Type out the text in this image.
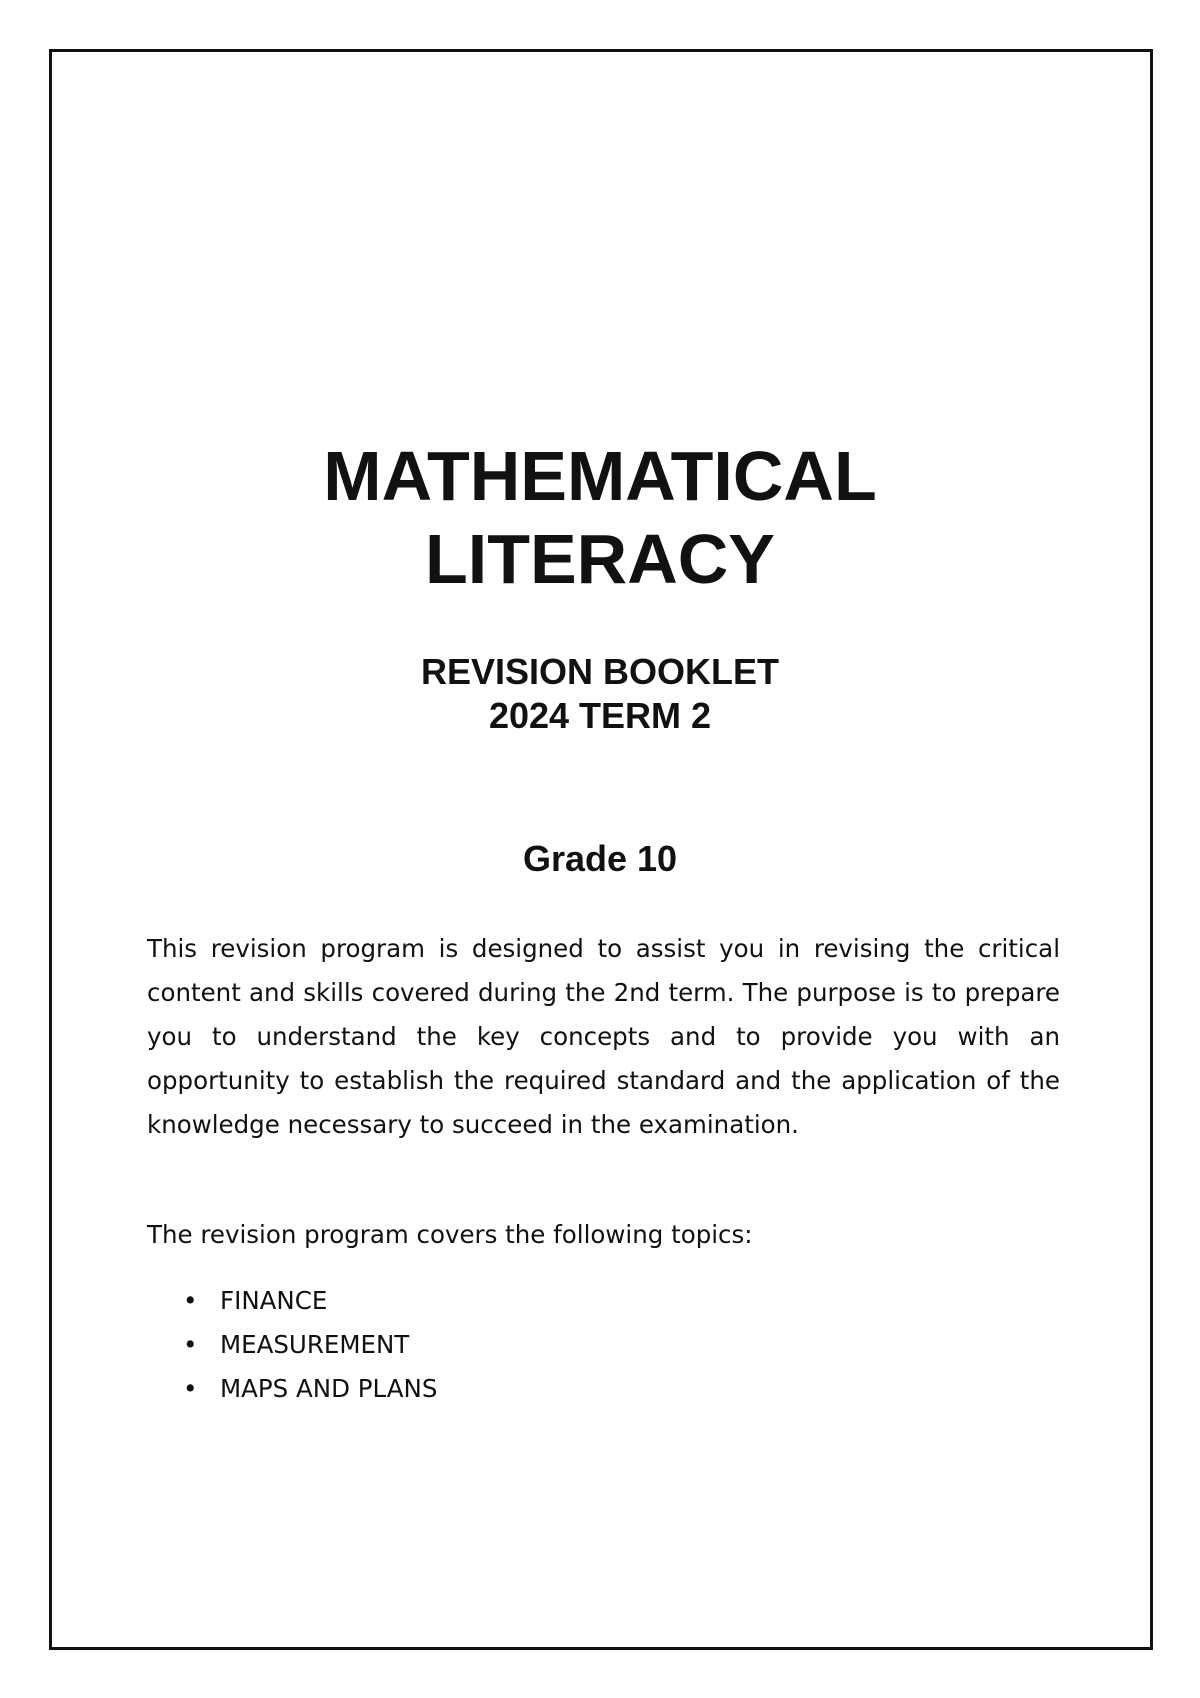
MATHEMATICAL
LITERACY
REVISION BOOKLET
2024 TERM 2
Grade 10
This revision program is designed to assist you in revising the critical content and skills covered during the 2nd term. The purpose is to prepare you to understand the key concepts and to provide you with an opportunity to establish the required standard and the application of the knowledge necessary to succeed in the examination.
The revision program covers the following topics:
• FINANCE
• MEASUREMENT
• MAPS AND PLANS
